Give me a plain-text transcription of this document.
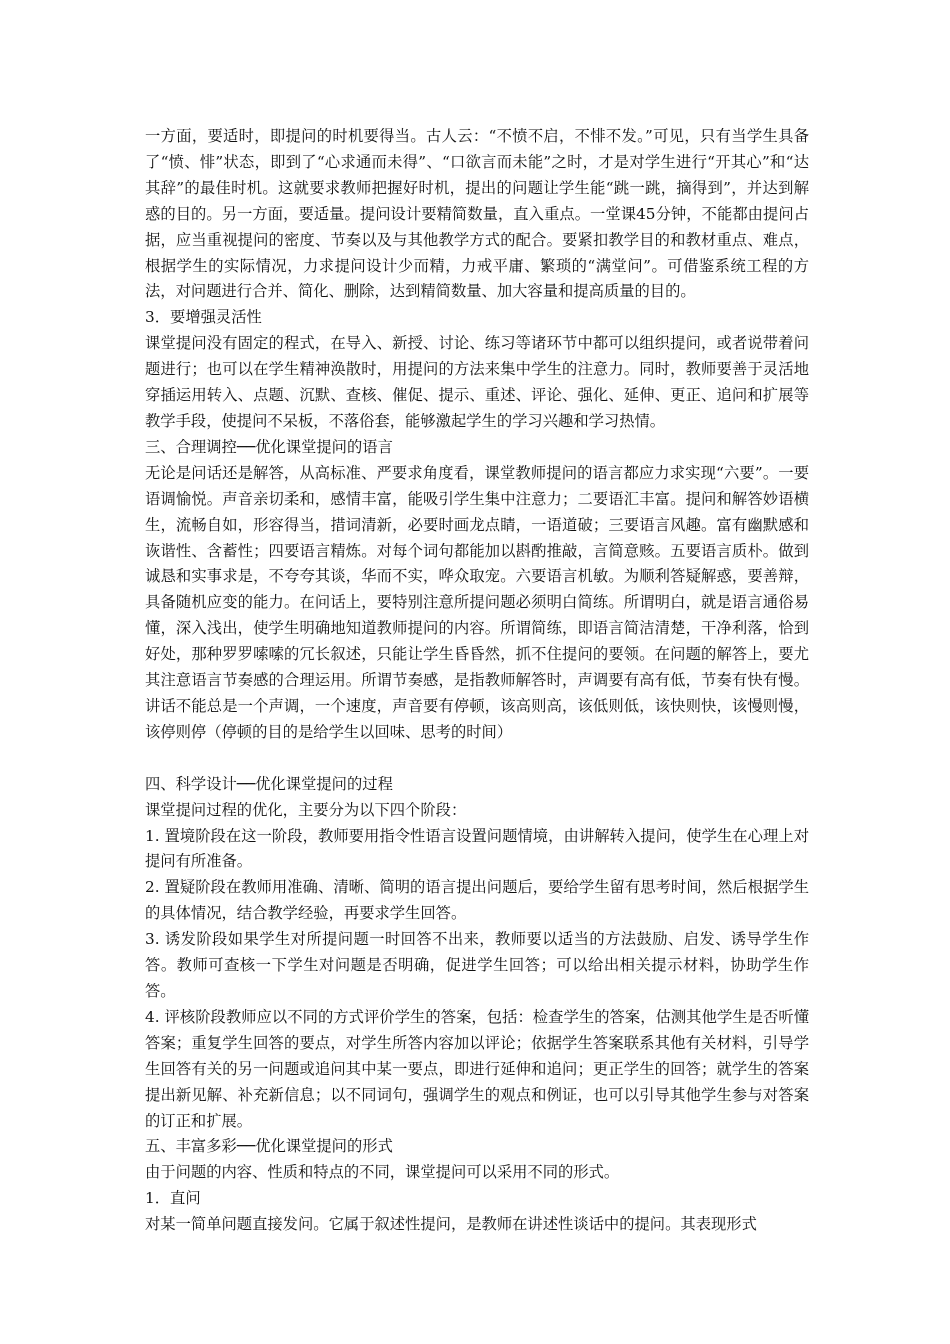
一方面，要适时，即提问的时机要得当。古人云：“不愤不启，不悱不发。”可见，只有当学生具备了“愤、悱”状态，即到了“心求通而未得”、“口欲言而未能”之时，才是对学生进行“开其心”和“达其辞”的最佳时机。这就要求教师把握好时机，提出的问题让学生能“跳一跳，摘得到”，并达到解惑的目的。另一方面，要适量。提问设计要精简数量，直入重点。一堂课45分钟，不能都由提问占据，应当重视提问的密度、节奏以及与其他教学方式的配合。要紧扣教学目的和教材重点、难点，根据学生的实际情况，力求提问设计少而精，力戒平庸、繁琐的“满堂问”。可借鉴系统工程的方法，对问题进行合并、简化、删除，达到精简数量、加大容量和提高质量的目的。

3．要增强灵活性

课堂提问没有固定的程式，在导入、新授、讨论、练习等诸环节中都可以组织提问，或者说带着问题进行；也可以在学生精神涣散时，用提问的方法来集中学生的注意力。同时，教师要善于灵活地穿插运用转入、点题、沉默、查核、催促、提示、重述、评论、强化、延伸、更正、追问和扩展等教学手段，使提问不呆板，不落俗套，能够激起学生的学习兴趣和学习热情。

三、合理调控──优化课堂提问的语言

无论是问话还是解答，从高标准、严要求角度看，课堂教师提问的语言都应力求实现“六要”。一要语调愉悦。声音亲切柔和，感情丰富，能吸引学生集中注意力；二要语汇丰富。提问和解答妙语横生，流畅自如，形容得当，措词清新，必要时画龙点睛，一语道破；三要语言风趣。富有幽默感和诙谐性、含蓄性；四要语言精炼。对每个词句都能加以斟酌推敲，言简意赅。五要语言质朴。做到诚恳和实事求是，不夸夸其谈，华而不实，哗众取宠。六要语言机敏。为顺利答疑解惑，要善辩，具备随机应变的能力。在问话上，要特别注意所提问题必须明白简练。所谓明白，就是语言通俗易懂，深入浅出，使学生明确地知道教师提问的内容。所谓简练，即语言简洁清楚，干净利落，恰到好处，那种罗罗嗦嗦的冗长叙述，只能让学生昏昏然，抓不住提问的要领。在问题的解答上，要尤其注意语言节奏感的合理运用。所谓节奏感，是指教师解答时，声调要有高有低，节奏有快有慢。讲话不能总是一个声调，一个速度，声音要有停顿，该高则高，该低则低，该快则快，该慢则慢，该停则停（停顿的目的是给学生以回味、思考的时间）

四、科学设计──优化课堂提问的过程

课堂提问过程的优化，主要分为以下四个阶段：

1. 置境阶段在这一阶段，教师要用指令性语言设置问题情境，由讲解转入提问，使学生在心理上对提问有所准备。

2. 置疑阶段在教师用准确、清晰、简明的语言提出问题后，要给学生留有思考时间，然后根据学生的具体情况，结合教学经验，再要求学生回答。

3. 诱发阶段如果学生对所提问题一时回答不出来，教师要以适当的方法鼓励、启发、诱导学生作答。教师可查核一下学生对问题是否明确，促进学生回答；可以给出相关提示材料，协助学生作答。

4. 评核阶段教师应以不同的方式评价学生的答案，包括：检查学生的答案，估测其他学生是否听懂答案；重复学生回答的要点，对学生所答内容加以评论；依据学生答案联系其他有关材料，引导学生回答有关的另一问题或追问其中某一要点，即进行延伸和追问；更正学生的回答；就学生的答案提出新见解、补充新信息；以不同词句，强调学生的观点和例证，也可以引导其他学生参与对答案的订正和扩展。

五、丰富多彩──优化课堂提问的形式

由于问题的内容、性质和特点的不同，课堂提问可以采用不同的形式。

1．直问

对某一简单问题直接发问。它属于叙述性提问，是教师在讲述性谈话中的提问。其表现形式
